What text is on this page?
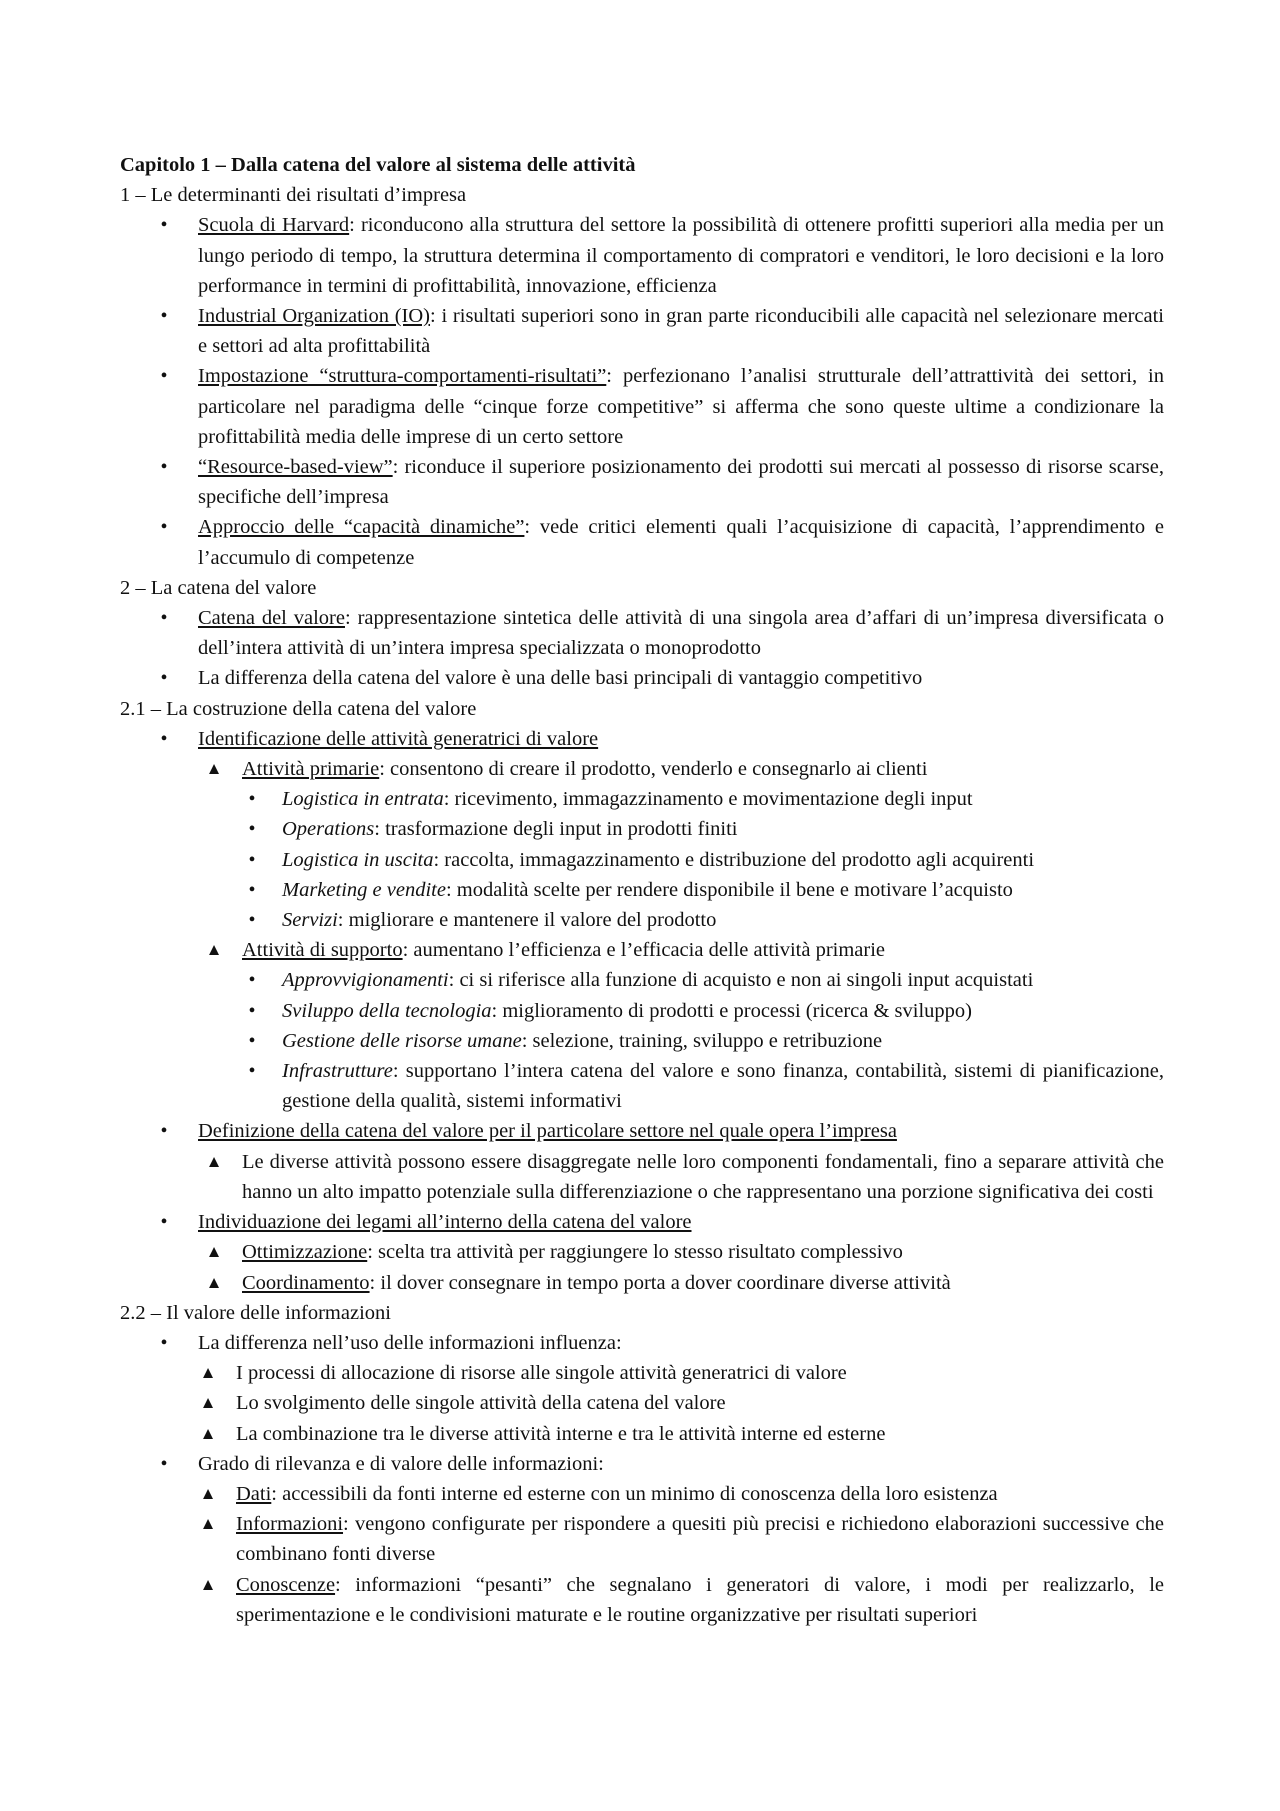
Capitolo 1 – Dalla catena del valore al sistema delle attività

1 – Le determinanti dei risultati d’impresa

•	Scuola di Harvard: riconducono alla struttura del settore la possibilità di ottenere profitti superiori alla media per un lungo periodo di tempo, la struttura determina il comportamento di compratori e venditori, le loro decisioni e la loro performance in termini di profittabilità, innovazione, efficienza
•	Industrial Organization (IO): i risultati superiori sono in gran parte riconducibili alle capacità nel selezionare mercati e settori ad alta profittabilità
•	Impostazione “struttura-comportamenti-risultati”: perfezionano l’analisi strutturale dell’attrattività dei settori, in particolare nel paradigma delle “cinque forze competitive” si afferma che sono queste ultime a condizionare la profittabilità media delle imprese di un certo settore
•	“Resource-based-view”: riconduce il superiore posizionamento dei prodotti sui mercati al possesso di risorse scarse, specifiche dell’impresa
•	Approccio delle “capacità dinamiche”: vede critici elementi quali l’acquisizione di capacità, l’apprendimento e l’accumulo di competenze

2 – La catena del valore

•	Catena del valore: rappresentazione sintetica delle attività di una singola area d’affari di un’impresa diversificata o dell’intera attività di un’intera impresa specializzata o monoprodotto
•	La differenza della catena del valore è una delle basi principali di vantaggio competitivo

2.1 – La costruzione della catena del valore

•	Identificazione delle attività generatrici di valore
▲ Attività primarie: consentono di creare il prodotto, venderlo e consegnarlo ai clienti
•	Logistica in entrata: ricevimento, immagazzinamento e movimentazione degli input
•	Operations: trasformazione degli input in prodotti finiti
•	Logistica in uscita: raccolta, immagazzinamento e distribuzione del prodotto agli acquirenti
•	Marketing e vendite: modalità scelte per rendere disponibile il bene e motivare l’acquisto
•	Servizi: migliorare e mantenere il valore del prodotto
▲ Attività di supporto: aumentano l’efficienza e l’efficacia delle attività primarie
•	Approvvigionamenti: ci si riferisce alla funzione di acquisto e non ai singoli input acquistati
•	Sviluppo della tecnologia: miglioramento di prodotti e processi (ricerca & sviluppo)
•	Gestione delle risorse umane: selezione, training, sviluppo e retribuzione
•	Infrastrutture: supportano l’intera catena del valore e sono finanza, contabilità, sistemi di pianificazione, gestione della qualità, sistemi informativi
•	Definizione della catena del valore per il particolare settore nel quale opera l’impresa
▲ Le diverse attività possono essere disaggregate nelle loro componenti fondamentali, fino a separare attività che hanno un alto impatto potenziale sulla differenziazione o che rappresentano una porzione significativa dei costi
•	Individuazione dei legami all’interno della catena del valore
▲ Ottimizzazione: scelta tra attività per raggiungere lo stesso risultato complessivo
▲ Coordinamento: il dover consegnare in tempo porta a dover coordinare diverse attività

2.2 – Il valore delle informazioni

•	La differenza nell’uso delle informazioni influenza:
▲ I processi di allocazione di risorse alle singole attività generatrici di valore
▲ Lo svolgimento delle singole attività della catena del valore
▲ La combinazione tra le diverse attività interne e tra le attività interne ed esterne
•	Grado di rilevanza e di valore delle informazioni:
▲ Dati: accessibili da fonti interne ed esterne con un minimo di conoscenza della loro esistenza
▲ Informazioni: vengono configurate per rispondere a quesiti più precisi e richiedono elaborazioni successive che combinano fonti diverse
▲ Conoscenze: informazioni “pesanti” che segnalano i generatori di valore, i modi per realizzarlo, le sperimentazione e le condivisioni maturate e le routine organizzative per risultati superiori
